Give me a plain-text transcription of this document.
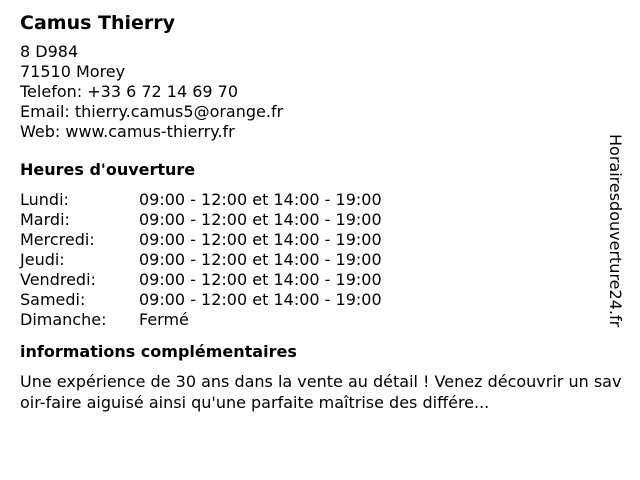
Camus Thierry
8 D984
71510 Morey
Telefon: +33 6 72 14 69 70
Email: thierry.camus5@orange.fr
Web: www.camus-thierry.fr
Heures d'ouverture
Lundi:	09:00 - 12:00 et 14:00 - 19:00
Mardi:	09:00 - 12:00 et 14:00 - 19:00
Mercredi:	09:00 - 12:00 et 14:00 - 19:00
Jeudi:	09:00 - 12:00 et 14:00 - 19:00
Vendredi:	09:00 - 12:00 et 14:00 - 19:00
Samedi:	09:00 - 12:00 et 14:00 - 19:00
Dimanche:	Fermé
informations complémentaires
Une expérience de 30 ans dans la vente au détail ! Venez découvrir un savoir-faire aiguisé ainsi qu'une parfaite maîtrise des différe...
Horairesdouverture24.fr
